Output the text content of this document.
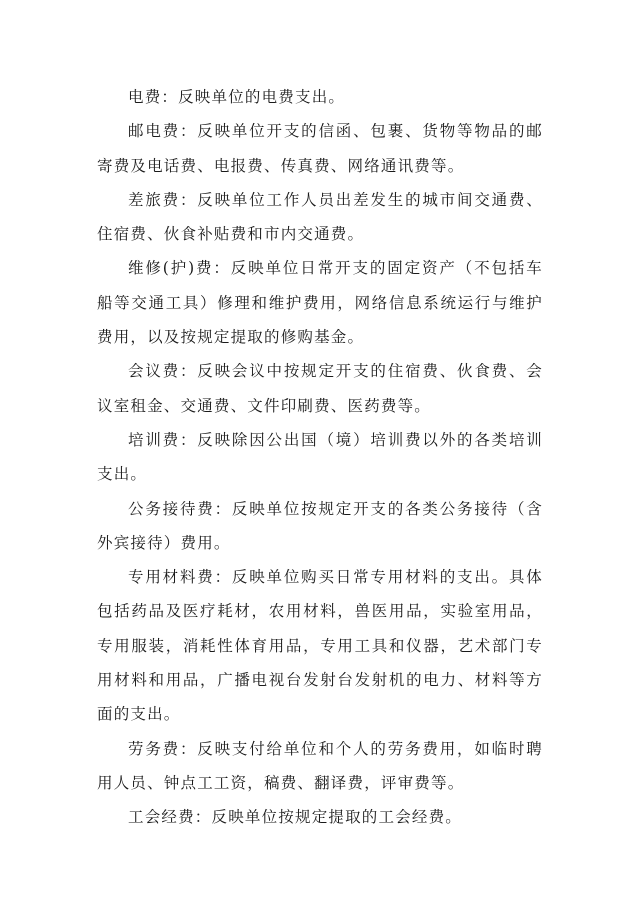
电费：反映单位的电费支出。

邮电费：反映单位开支的信函、包裹、货物等物品的邮寄费及电话费、电报费、传真费、网络通讯费等。

差旅费：反映单位工作人员出差发生的城市间交通费、住宿费、伙食补贴费和市内交通费。

维修(护)费：反映单位日常开支的固定资产（不包括车船等交通工具）修理和维护费用，网络信息系统运行与维护费用，以及按规定提取的修购基金。

会议费：反映会议中按规定开支的住宿费、伙食费、会议室租金、交通费、文件印刷费、医药费等。

培训费：反映除因公出国（境）培训费以外的各类培训支出。

公务接待费：反映单位按规定开支的各类公务接待（含外宾接待）费用。

专用材料费：反映单位购买日常专用材料的支出。具体包括药品及医疗耗材，农用材料，兽医用品，实验室用品，专用服装，消耗性体育用品，专用工具和仪器，艺术部门专用材料和用品，广播电视台发射台发射机的电力、材料等方面的支出。

劳务费：反映支付给单位和个人的劳务费用，如临时聘用人员、钟点工工资，稿费、翻译费，评审费等。

工会经费：反映单位按规定提取的工会经费。
